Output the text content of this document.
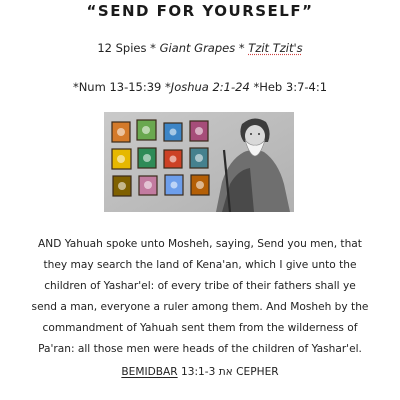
“SEND FOR YOURSELF”
12 Spies * Giant Grapes * Tzit Tzit's
*Num 13-15:39 *Joshua 2:1-24 *Heb 3:7-4:1
AND Yahuah spoke unto Mosheh, saying, Send you men, that
they may search the land of Kena'an, which I give unto the
children of Yashar'el: of every tribe of their fathers shall ye
send a man, everyone a ruler among them. And Mosheh by the
commandment of Yahuah sent them from the wilderness of
Pa'ran: all those men were heads of the children of Yashar'el.
BEMIDBAR 13:1-3 את CEPHER
